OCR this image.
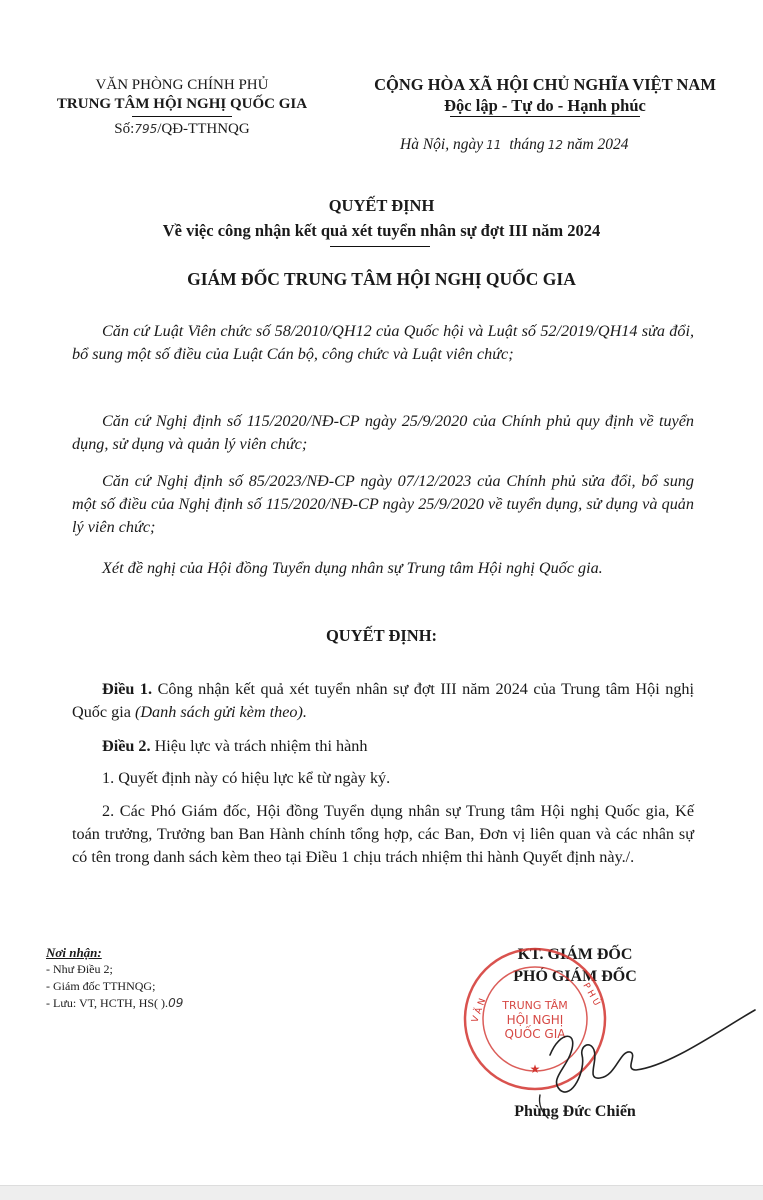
VĂN PHÒNG CHÍNH PHỦ
TRUNG TÂM HỘI NGHỊ QUỐC GIA
Số:795/QĐ-TTHNQG
CỘNG HÒA XÃ HỘI CHỦ NGHĨA VIỆT NAM
Độc lập - Tự do - Hạnh phúc
Hà Nội, ngày 11 tháng 12 năm 2024
QUYẾT ĐỊNH
Về việc công nhận kết quả xét tuyển nhân sự đợt III năm 2024
GIÁM ĐỐC TRUNG TÂM HỘI NGHỊ QUỐC GIA
Căn cứ Luật Viên chức số 58/2010/QH12 của Quốc hội và Luật số 52/2019/QH14 sửa đổi, bổ sung một số điều của Luật Cán bộ, công chức và Luật viên chức;
Căn cứ Nghị định số 115/2020/NĐ-CP ngày 25/9/2020 của Chính phủ quy định về tuyển dụng, sử dụng và quản lý viên chức;
Căn cứ Nghị định số 85/2023/NĐ-CP ngày 07/12/2023 của Chính phủ sửa đổi, bổ sung một số điều của Nghị định số 115/2020/NĐ-CP ngày 25/9/2020 về tuyển dụng, sử dụng và quản lý viên chức;
Xét đề nghị của Hội đồng Tuyển dụng nhân sự Trung tâm Hội nghị Quốc gia.
QUYẾT ĐỊNH:
Điều 1. Công nhận kết quả xét tuyển nhân sự đợt III năm 2024 của Trung tâm Hội nghị Quốc gia (Danh sách gửi kèm theo).
Điều 2. Hiệu lực và trách nhiệm thi hành
1. Quyết định này có hiệu lực kể từ ngày ký.
2. Các Phó Giám đốc, Hội đồng Tuyển dụng nhân sự Trung tâm Hội nghị Quốc gia, Kế toán trưởng, Trưởng ban Ban Hành chính tổng hợp, các Ban, Đơn vị liên quan và các nhân sự có tên trong danh sách kèm theo tại Điều 1 chịu trách nhiệm thi hành Quyết định này./.
Nơi nhận:
- Như Điều 2;
- Giám đốc TTHNQG;
- Lưu: VT, HCTH, HS( ).09
KT. GIÁM ĐỐC
PHÓ GIÁM ĐỐC
V Ă N
P H Ủ
★
TRUNG TÂM
HỘI NGHỊ
QUỐC GIA
Phùng Đức Chiến
